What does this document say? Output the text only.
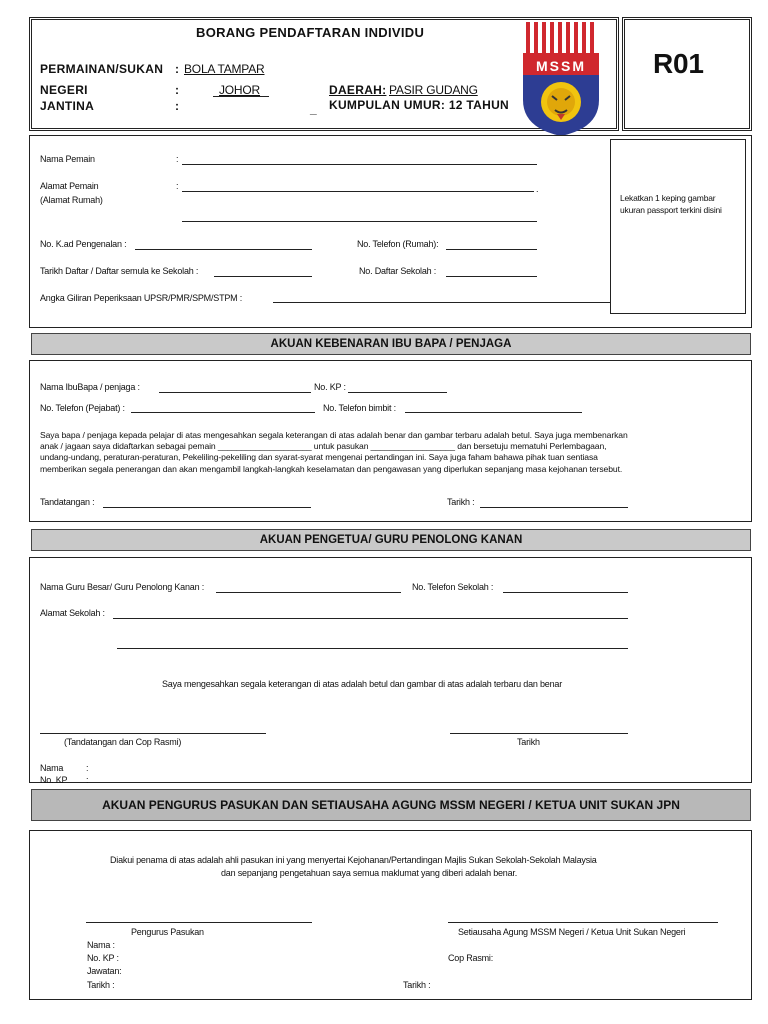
BORANG PENDAFTARAN INDIVIDU
PERMAINAN/SUKAN : BOLA TAMPAR
NEGERI	:	JOHOR
JANTINA	:	_
DAERAH: PASIR GUDANG
KUMPULAN UMUR: 12 TAHUN
MSSM R01
Lekatkan 1 keping gambar ukuran passport terkini disini
Nama Pemain	:
Alamat Pemain
(Alamat Rumah)
:	.
No. K.ad Pengenalan :	No. Telefon (Rumah):
Tarikh Daftar / Daftar semula ke Sekolah :	No. Daftar Sekolah :
Angka Giliran Peperiksaan UPSR/PMR/SPM/STPM :
AKUAN KEBENARAN IBU BAPA / PENJAGA
Nama IbuBapa / penjaga :	No. KP :
No. Telefon (Pejabat) :	No. Telefon bimbit :
Saya bapa / penjaga kepada pelajar di atas mengesahkan segala keterangan di atas adalah benar dan gambar terbaru adalah betul. Saya juga membenarkan
anak / jagaan saya didaftarkan sebagai pemain ____________________ untuk pasukan __________________ dan bersetuju mematuhi Perlembagaan,
undang-undang, peraturan-peraturan, Pekeliling-pekeliling dan syarat-syarat mengenai pertandingan ini. Saya juga faham bahawa pihak tuan sentiasa
memberikan segala penerangan dan akan mengambil langkah-langkah keselamatan dan pengawasan yang diperlukan sepanjang masa kejohanan tersebut.
Tandatangan :	Tarikh :
AKUAN PENGETUA/ GURU PENOLONG KANAN
Nama Guru Besar/ Guru Penolong Kanan :	No. Telefon Sekolah :
Alamat Sekolah :
Saya mengesahkan segala keterangan di atas adalah betul dan gambar di atas adalah terbaru dan benar
(Tandatangan dan Cop Rasmi)	Tarikh
Nama	:
No. KP :
AKUAN PENGURUS PASUKAN DAN SETIAUSAHA AGUNG MSSM NEGERI / KETUA UNIT SUKAN JPN
Diakui penama di atas adalah ahli pasukan ini yang menyertai Kejohanan/Pertandingan Majlis Sukan Sekolah-Sekolah Malaysia
dan sepanjang pengetahuan saya semua maklumat yang diberi adalah benar.
Pengurus Pasukan	Setiausaha Agung MSSM Negeri / Ketua Unit Sukan Negeri
Nama :
No. KP :
Jawatan:
Tarikh :
Cop Rasmi:
Tarikh :
